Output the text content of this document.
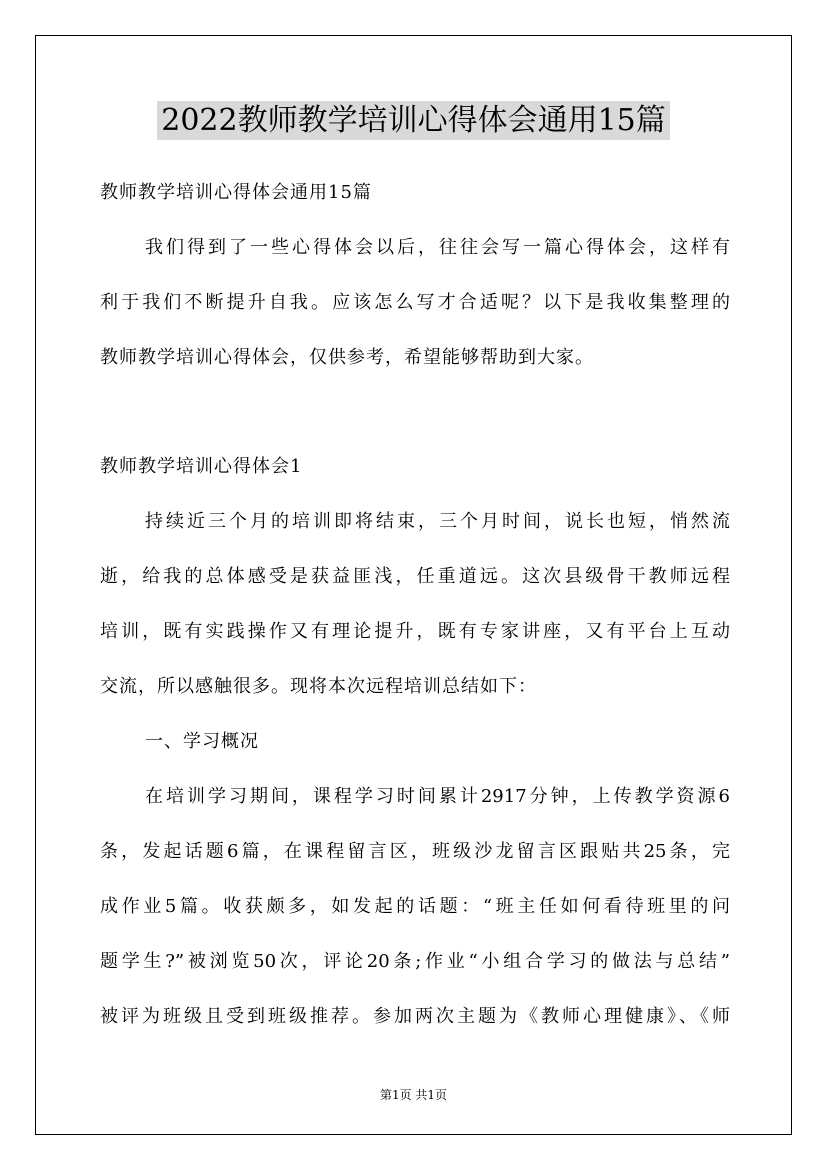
2022教师教学培训心得体会通用15篇
教师教学培训心得体会通用15篇
我们得到了一些心得体会以后，往往会写一篇心得体会，这样有
利于我们不断提升自我。应该怎么写才合适呢？以下是我收集整理的
教师教学培训心得体会，仅供参考，希望能够帮助到大家。
教师教学培训心得体会1
持续近三个月的培训即将结束，三个月时间，说长也短，悄然流
逝，给我的总体感受是获益匪浅，任重道远。这次县级骨干教师远程
培训，既有实践操作又有理论提升，既有专家讲座，又有平台上互动
交流，所以感触很多。现将本次远程培训总结如下：
一、学习概况
在培训学习期间，课程学习时间累计2917分钟，上传教学资源6
条，发起话题6篇，在课程留言区，班级沙龙留言区跟贴共25条，完
成作业5篇。收获颇多，如发起的话题：“班主任如何看待班里的问
题学生?”被浏览50次，评论20条;作业“小组合学习的做法与总结”
被评为班级且受到班级推荐。参加两次主题为《教师心理健康》、《师
第1页 共1页
